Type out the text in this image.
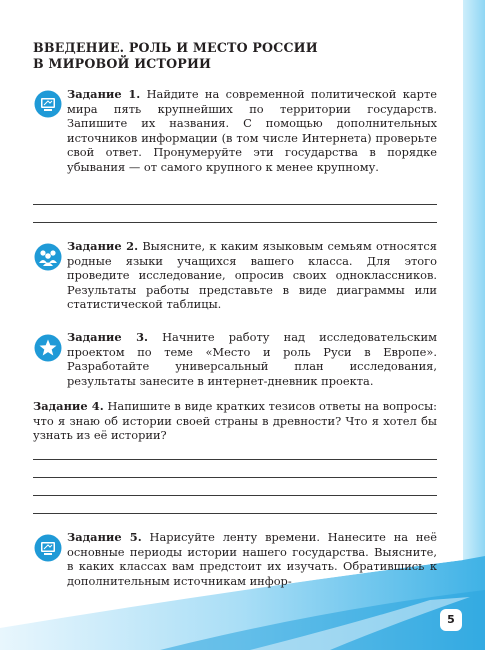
ВВЕДЕНИЕ. РОЛЬ И МЕСТО РОССИИ
В МИРОВОЙ ИСТОРИИ
Задание 1. Найдите на современной политической карте мира пять крупнейших по территории государств. Запишите их названия. С помощью дополнительных источников информации (в том числе Интернета) проверьте свой ответ. Пронумеруйте эти государства в порядке убывания — от самого крупного к менее крупному.
Задание 2. Выясните, к каким языковым семьям относятся родные языки учащихся вашего класса. Для этого проведите исследование, опросив своих одноклассников. Результаты работы представьте в виде диаграммы или статистической таблицы.
Задание 3. Начните работу над исследовательским проектом по теме «Место и роль Руси в Европе». Разработайте универсальный план исследования, результаты занесите в интернет-дневник проекта.
Задание 4. Напишите в виде кратких тезисов ответы на вопросы: что я знаю об истории своей страны в древности? Что я хотел бы узнать из её истории?
Задание 5. Нарисуйте ленту времени. Нанесите на неё основные периоды истории нашего государства. Выясните, в каких классах вам предстоит их изучать. Обратившись к дополнительным источникам инфор-
5
